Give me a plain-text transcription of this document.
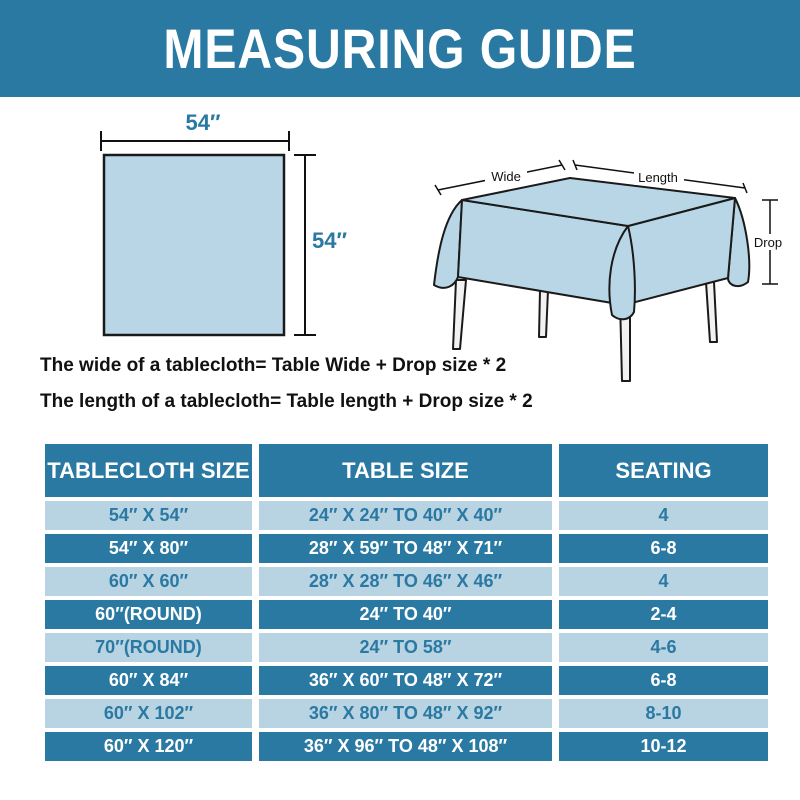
MEASURING GUIDE
54″
54″
Wide	Length
Drop
The wide of a tablecloth= Table Wide + Drop size * 2
The length of a tablecloth= Table length + Drop size * 2
TABLECLOTH SIZE
54″ X 54″
54″ X 80″
60″ X 60″
60″(ROUND)
70″(ROUND)
60″ X 84″
60″ X 102″
60″ X 120″
TABLE SIZE
24″ X 24″ TO 40″ X 40″
28″ X 59″ TO 48″ X 71″
28″ X 28″ TO 46″ X 46″
24″ TO 40″
24″ TO 58″
36″ X 60″ TO 48″ X 72″
36″ X 80″ TO 48″ X 92″
36″ X 96″ TO 48″ X 108″
SEATING
4
6-8
4
2-4
4-6
6-8
8-10
10-12
